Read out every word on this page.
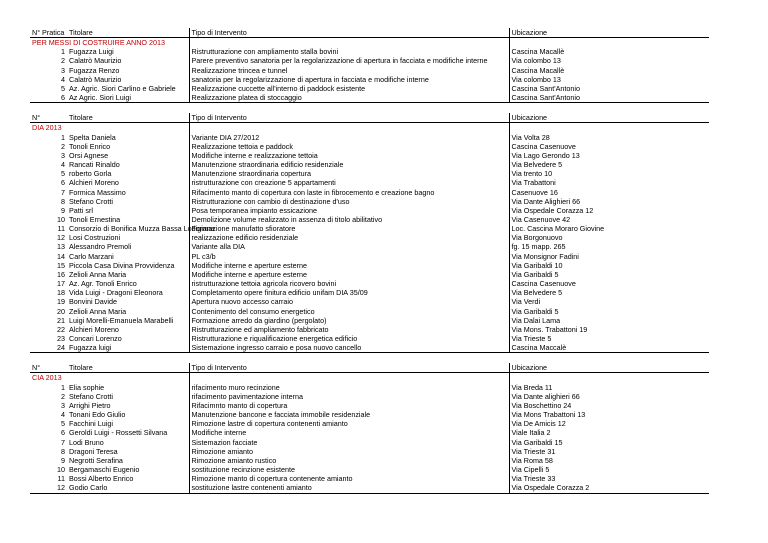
N° Pratica	Titolare	Tipo di Intervento	Ubicazione
PER MESSI DI COSTRUIRE ANNO 2013			
1	Fugazza Luigi	Ristrutturazione con ampliamento stalla bovini	Cascina Macallè
2	Calatrò Maurizio	Parere preventivo sanatoria per la regolarizzazione di apertura in facciata e modifiche interne	Via colombo 13
3	Fugazza Renzo	Realizzazione trincea e tunnel	Cascina Macallè
4	Calatrò Maurizio	sanatoria per la regolarizzazione di apertura in facciata e modifiche interne	Via colombo 13
5	Az. Agric. Siori Carlino e Gabriele	Realizzazione cuccette all'interno di paddock esistente	Cascina Sant'Antonio
6	Az Agric. Siori Luigi	Realizzazione platea di stoccaggio	Cascina Sant'Antonio
N°	Titolare	Tipo di Intervento	Ubicazione
DIA 2013			
1	Spelta Daniela	Variante DIA 27/2012	Via Volta 28
2	Tonoli Enrico	Realizzazione tettoia e paddock	Cascina Casenuove
3	Orsi Agnese	Modifiche interne e realizzazione tettoia	Via Lago Gerondo 13
4	Rancati Rinaldo	Manutenzione straordinaria edificio residenziale	Via Belvedere 5
5	roberto Gorla	Manutenzione straordinaria copertura	Via trento 10
6	Alchieri Moreno	ristrutturazione con creazione 5 appartamenti	Via Trabattoni
7	Formica Massimo	Rifacimento manto di copertura con laste in fibrocemento e creazione bagno	Casenuove 16
8	Stefano Crotti	Ristrutturazione con cambio di destinazione d'uso	Via Dante Alighieri 66
9	Patti srl	Posa temporanea impianto essicazione	Via Ospedale Corazza 12
10	Tonoli Ernestina	Demolizione volume realizzato in assenza di titolo abilitativo	Via Casenuove 42
11	Consorzio di Bonifica Muzza Bassa Lodigiana	Formazione manufatto sfioratore	Loc. Cascina Moraro Giovine
12	Losi Costruzioni	realizzazione edificio residenziale	Via Borgonuovo
13	Alessandro Premoli	Variante alla DIA	fg. 15 mapp. 265
14	Carlo Marzani	PL c3/b	Via Monsignor Fadini
15	Piccola Casa Divina Provvidenza	Modifiche interne e aperture esterne	Via Garibaldi 10
16	Zelioli Anna Maria	Modifiche interne e aperture esterne	Via Garibaldi 5
17	Az. Agr. Tonoli Enrico	ristrutturazione tettoia agricola ricovero bovini	Cascina Casenuove
18	Vida Luigi - Dragoni Eleonora	Completamento opere finitura edificio unifam DIA 35/09	Via Belvedere 5
19	Bonvini Davide	Apertura nuovo accesso carraio	Via Verdi
20	Zelioli Anna Maria	Contenimento del consumo energetico	Via Garibaldi 5
21	Luigi Morelli-Emanuela Marabelli	Formazione arredo da giardino (pergolato)	Via Dalai Lama
22	Alchieri Moreno	Ristrutturazione ed ampliamento fabbricato	Via Mons. Trabattoni 19
23	Concari Lorenzo	Ristrutturazione e riqualificazione energetica edificio	Via Trieste 5
24	Fugazza luigi	Sistemazione ingresso carraio e posa nuovo cancello	Cascina Maccalè
N°	Titolare	Tipo di Intervento	Ubicazione
CIA 2013			
1	Elia sophie	rifacimento muro recinzione	Via Breda 11
2	Stefano Crotti	rifacimento pavimentazione interna	Via Dante alighieri 66
3	Arrighi Pietro	Rifacimnto manto di copertura	Via Boschettino 24
4	Tonani Edo Giulio	Manutenzione bancone e facciata immobile residenziale	Via Mons Trabattoni 13
5	Facchini Luigi	Rimozione lastre di copertura contenenti amianto	Via De Amicis 12
6	Geroldi Luigi - Rossetti Silvana	Modifiche interne	Viale Italia 2
7	Lodi Bruno	Sistemazion facciate	Via Garibaldi 15
8	Dragoni Teresa	Rimozione amianto	Via Trieste 31
9	Negrotti Serafina	Rimozione amianto rustico	Via Roma 58
10	Bergamaschi Eugenio	sostituzione recinzione esistente	Via Cipelli 5
11	Bossi Alberto Enrico	Rimozione manto di copertura contenente amianto	Via Trieste 33
12	Godio Carlo	sostituzione lastre contenenti amianto	Via Ospedale Corazza 2
